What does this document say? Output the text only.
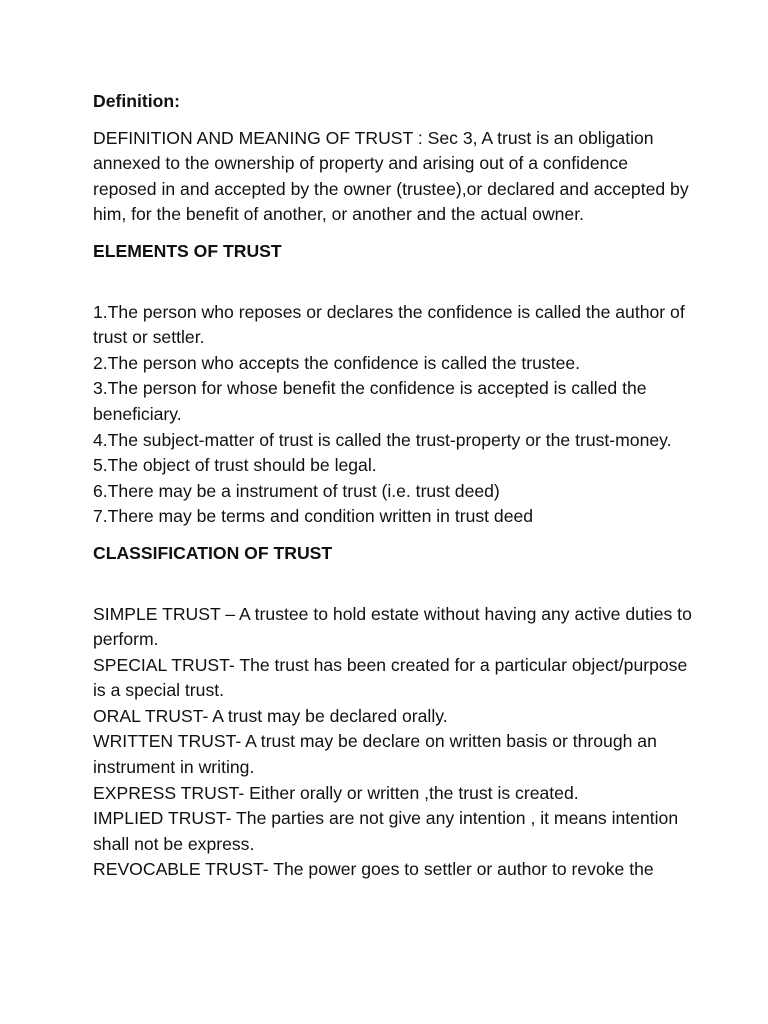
Definition:

DEFINITION AND MEANING OF TRUST : Sec 3, A trust is an obligation annexed to the ownership of property and arising out of a confidence reposed in and accepted by the owner (trustee),or declared and accepted by him, for the benefit of another, or another and the actual owner.

ELEMENTS OF TRUST

1.The person who reposes or declares the confidence is called the author of trust or settler.
2.The person who accepts the confidence is called the trustee.
3.The person for whose benefit the confidence is accepted is called the beneficiary.
4.The subject-matter of trust is called the trust-property or the trust-money.
5.The object of trust should be legal.
6.There may be a instrument of trust (i.e. trust deed)
7.There may be terms and condition written in trust deed

CLASSIFICATION OF TRUST

SIMPLE TRUST – A trustee to hold estate without having any active duties to perform.
SPECIAL TRUST- The trust has been created for a particular object/purpose is a special trust.
ORAL TRUST- A trust may be declared orally.
WRITTEN TRUST- A trust may be declare on written basis or through an instrument in writing.
EXPRESS TRUST- Either orally or written ,the trust is created.
IMPLIED TRUST- The parties are not give any intention , it means intention shall not be express.
REVOCABLE TRUST- The power goes to settler or author to revoke the
